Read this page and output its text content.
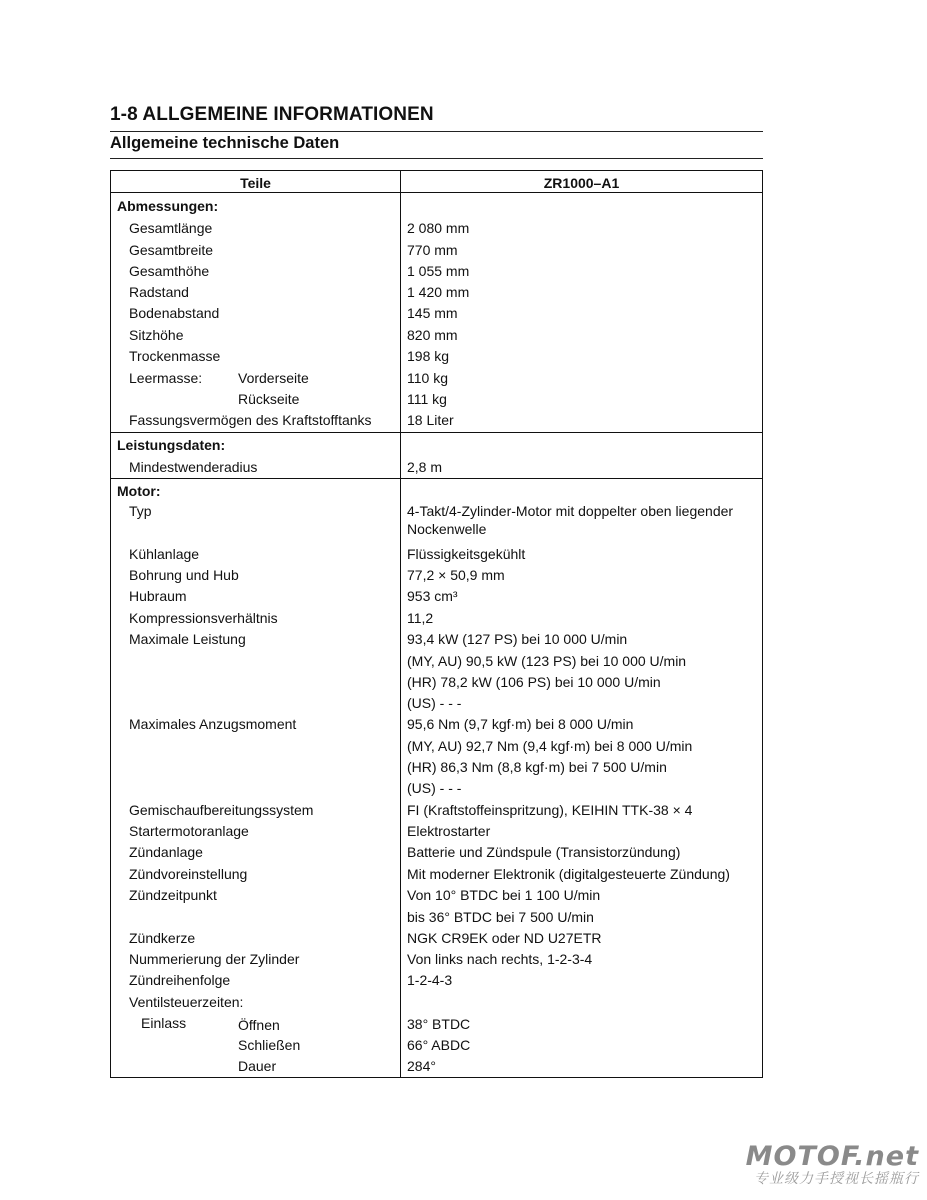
1-8 ALLGEMEINE INFORMATIONEN
Allgemeine technische Daten
Teile	ZR1000–A1
Abmessungen:
Gesamtlänge	2 080 mm
Gesamtbreite	770 mm
Gesamthöhe	1 055 mm
Radstand	1 420 mm
Bodenabstand	145 mm
Sitzhöhe	820 mm
Trockenmasse	198 kg
Leermasse:	Vorderseite	110 kg
Rückseite	111 kg
Fassungsvermögen des Kraftstofftanks	18 Liter
Leistungsdaten:
Mindestwenderadius	2,8 m
Motor:
Typ	4-Takt/4-Zylinder-Motor mit doppelter oben liegender Nockenwelle
Kühlanlage	Flüssigkeitsgekühlt
Bohrung und Hub	77,2 × 50,9 mm
Hubraum	953 cm³
Kompressionsverhältnis	11,2
Maximale Leistung	93,4 kW (127 PS) bei 10 000 U/min
(MY, AU) 90,5 kW (123 PS) bei 10 000 U/min
(HR) 78,2 kW (106 PS) bei 10 000 U/min
(US) - - -
Maximales Anzugsmoment	95,6 Nm (9,7 kgf·m) bei 8 000 U/min
(MY, AU) 92,7 Nm (9,4 kgf·m) bei 8 000 U/min
(HR) 86,3 Nm (8,8 kgf·m) bei 7 500 U/min
(US) - - -
Gemischaufbereitungssystem	FI (Kraftstoffeinspritzung), KEIHIN TTK-38 × 4
Startermotoranlage	Elektrostarter
Zündanlage	Batterie und Zündspule (Transistorzündung)
Zündvoreinstellung	Mit moderner Elektronik (digitalgesteuerte Zündung)
Zündzeitpunkt	Von 10° BTDC bei 1 100 U/min
bis 36° BTDC bei 7 500 U/min
Zündkerze	NGK CR9EK oder ND U27ETR
Nummerierung der Zylinder	Von links nach rechts, 1-2-3-4
Zündreihenfolge	1-2-4-3
Ventilsteuerzeiten:
Einlass	Öffnen	38° BTDC
Schließen	66° ABDC
Dauer	284°
MOTOF.net
专业级力手授视长摇瓶行
